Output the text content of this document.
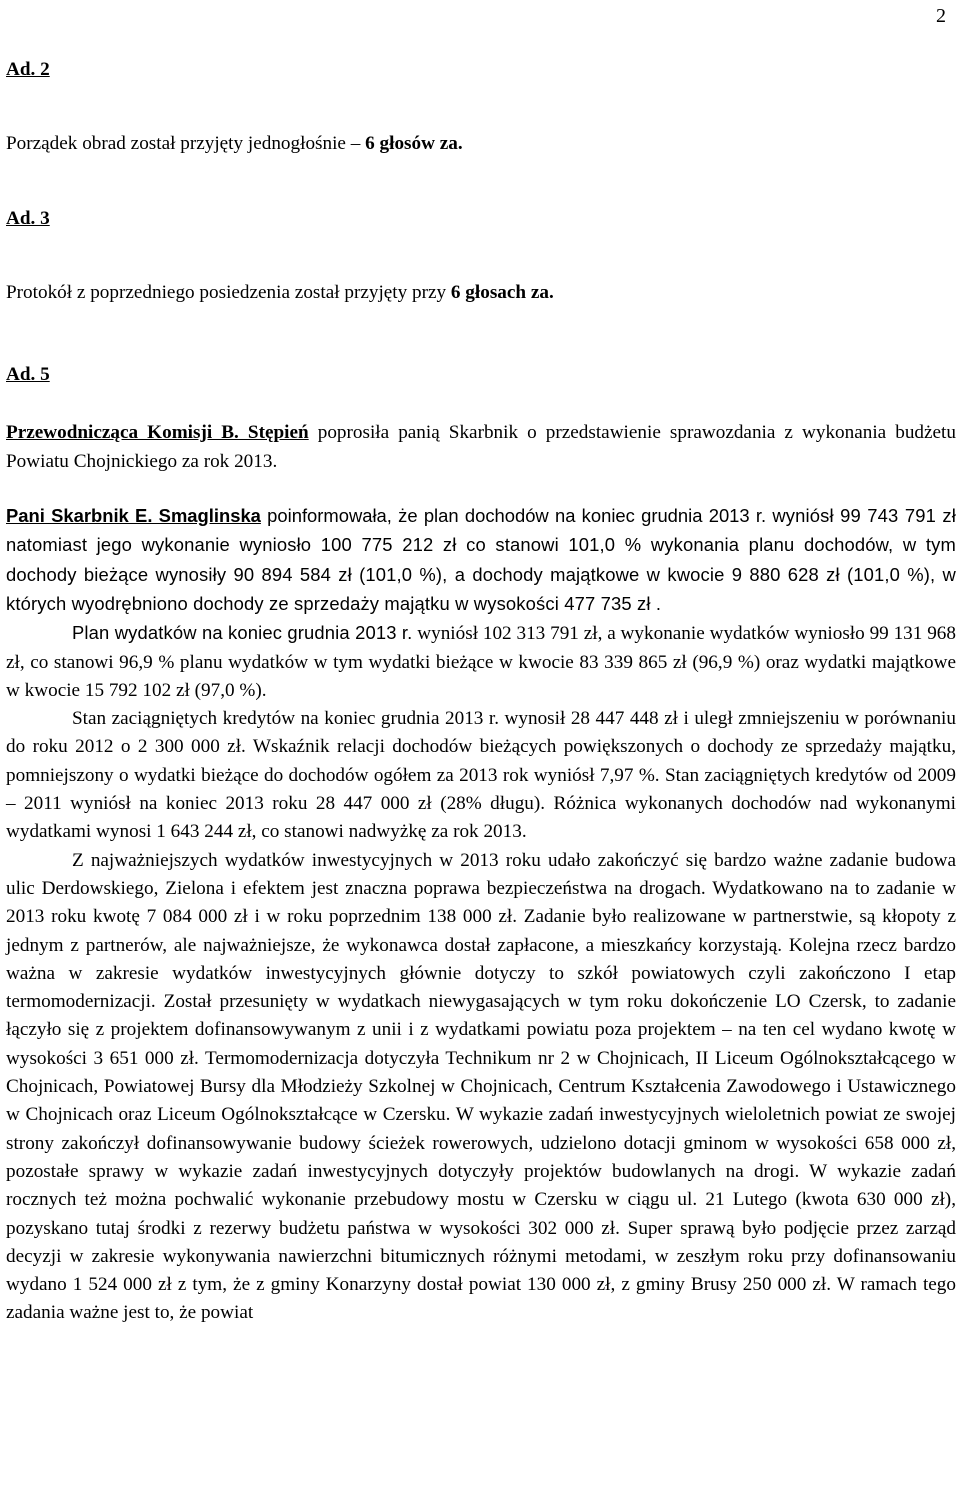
2

Ad. 2

Porządek obrad został przyjęty jednogłośnie – 6 głosów za.

Ad. 3

Protokół z poprzedniego posiedzenia został przyjęty przy 6 głosach za.

Ad. 5

Przewodnicząca Komisji B. Stępień poprosiła panią Skarbnik o przedstawienie sprawozdania z wykonania budżetu Powiatu Chojnickiego za rok 2013.

Pani Skarbnik E. Smaglinska poinformowała, że plan dochodów na koniec grudnia 2013 r. wyniósł 99 743 791 zł natomiast jego wykonanie wyniosło 100 775 212 zł co stanowi 101,0 % wykonania planu dochodów, w tym dochody bieżące wynosiły 90 894 584 zł (101,0 %), a dochody majątkowe w kwocie 9 880 628 zł (101,0 %), w których wyodrębniono dochody ze sprzedaży majątku w wysokości 477 735 zł .

Plan wydatków na koniec grudnia 2013 r. wyniósł 102 313 791 zł, a wykonanie wydatków wyniosło 99 131 968 zł, co stanowi 96,9 % planu wydatków w tym wydatki bieżące w kwocie 83 339 865 zł (96,9 %) oraz wydatki majątkowe w kwocie 15 792 102 zł (97,0 %).

Stan zaciągniętych kredytów na koniec grudnia 2013 r. wynosił 28 447 448 zł i uległ zmniejszeniu w porównaniu do roku 2012 o 2 300 000 zł. Wskaźnik relacji dochodów bieżących powiększonych o dochody ze sprzedaży majątku, pomniejszony o wydatki bieżące do dochodów ogółem za 2013 rok wyniósł 7,97 %. Stan zaciągniętych kredytów od 2009 – 2011 wyniósł na koniec 2013 roku 28 447 000 zł (28% długu). Różnica wykonanych dochodów nad wykonanymi wydatkami wynosi 1 643 244 zł, co stanowi nadwyżkę za rok 2013.

Z najważniejszych wydatków inwestycyjnych w 2013 roku udało zakończyć się bardzo ważne zadanie budowa ulic Derdowskiego, Zielona i efektem jest znaczna poprawa bezpieczeństwa na drogach. Wydatkowano na to zadanie w 2013 roku kwotę 7 084 000 zł i w roku poprzednim 138 000 zł. Zadanie było realizowane w partnerstwie, są kłopoty z jednym z partnerów, ale najważniejsze, że wykonawca dostał zapłacone, a mieszkańcy korzystają. Kolejna rzecz bardzo ważna w zakresie wydatków inwestycyjnych głównie dotyczy to szkół powiatowych czyli zakończono I etap termomodernizacji. Został przesunięty w wydatkach niewygasających w tym roku dokończenie LO Czersk, to zadanie łączyło się z projektem dofinansowywanym z unii i z wydatkami powiatu poza projektem – na ten cel wydano kwotę w wysokości 3 651 000 zł. Termomodernizacja dotyczyła Technikum nr 2 w Chojnicach, II Liceum Ogólnokształcącego w Chojnicach, Powiatowej Bursy dla Młodzieży Szkolnej w Chojnicach, Centrum Kształcenia Zawodowego i Ustawicznego w Chojnicach oraz Liceum Ogólnokształcące w Czersku. W wykazie zadań inwestycyjnych wieloletnich powiat ze swojej strony zakończył dofinansowywanie budowy ścieżek rowerowych, udzielono dotacji gminom w wysokości 658 000 zł, pozostałe sprawy w wykazie zadań inwestycyjnych dotyczyły projektów budowlanych na drogi. W wykazie zadań rocznych też można pochwalić wykonanie przebudowy mostu w Czersku w ciągu ul. 21 Lutego (kwota 630 000 zł), pozyskano tutaj środki z rezerwy budżetu państwa w wysokości 302 000 zł. Super sprawą było podjęcie przez zarząd decyzji w zakresie wykonywania nawierzchni bitumicznych różnymi metodami, w zeszłym roku przy dofinansowaniu wydano 1 524 000 zł z tym, że z gminy Konarzyny dostał powiat 130 000 zł, z gminy Brusy 250 000 zł. W ramach tego zadania ważne jest to, że powiat
